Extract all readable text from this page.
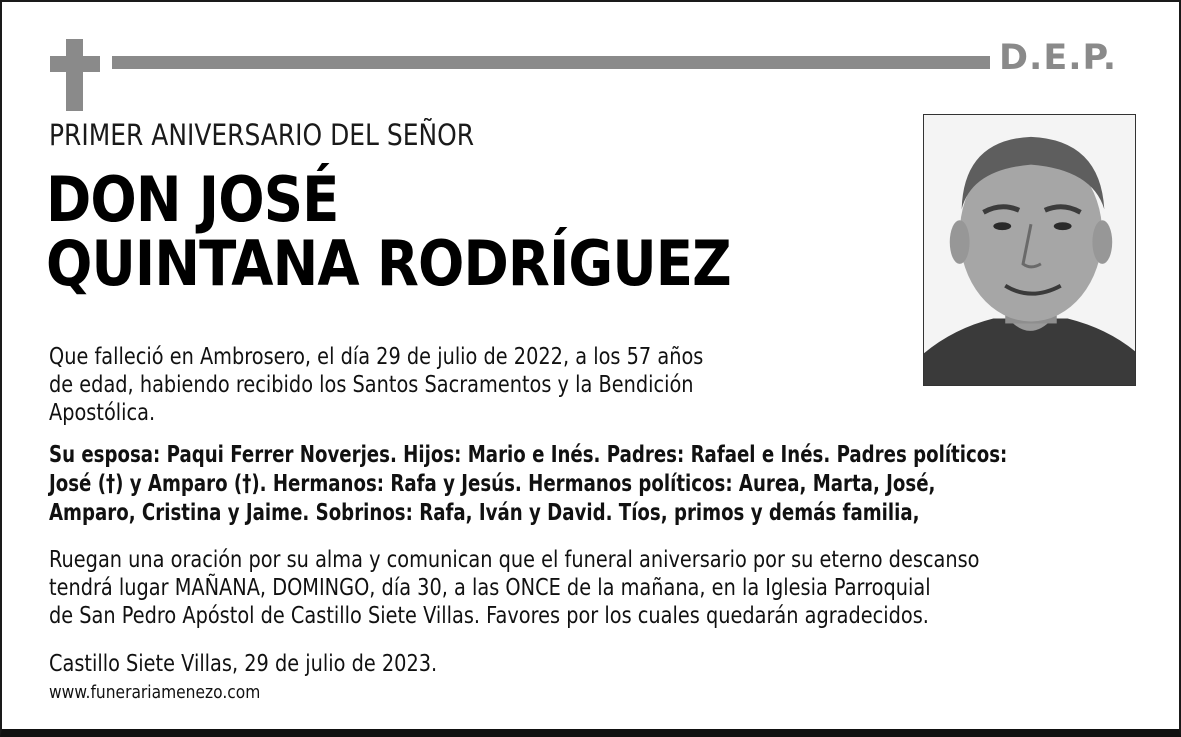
D.E.P.
PRIMER ANIVERSARIO DEL SEÑOR
DON JOSÉ
QUINTANA RODRÍGUEZ
Que falleció en Ambrosero, el día 29 de julio de 2022, a los 57 años
de edad, habiendo recibido los Santos Sacramentos y la Bendición
Apostólica.
Su esposa: Paqui Ferrer Noverjes. Hijos: Mario e Inés. Padres: Rafael e Inés. Padres políticos:
José (†) y Amparo (†). Hermanos: Rafa y Jesús. Hermanos políticos: Aurea, Marta, José,
Amparo, Cristina y Jaime. Sobrinos: Rafa, Iván y David. Tíos, primos y demás familia,
Ruegan una oración por su alma y comunican que el funeral aniversario por su eterno descanso
tendrá lugar MAÑANA, DOMINGO, día 30, a las ONCE de la mañana, en la Iglesia Parroquial
de San Pedro Apóstol de Castillo Siete Villas. Favores por los cuales quedarán agradecidos.
Castillo Siete Villas, 29 de julio de 2023.
www.funerariamenezo.com
